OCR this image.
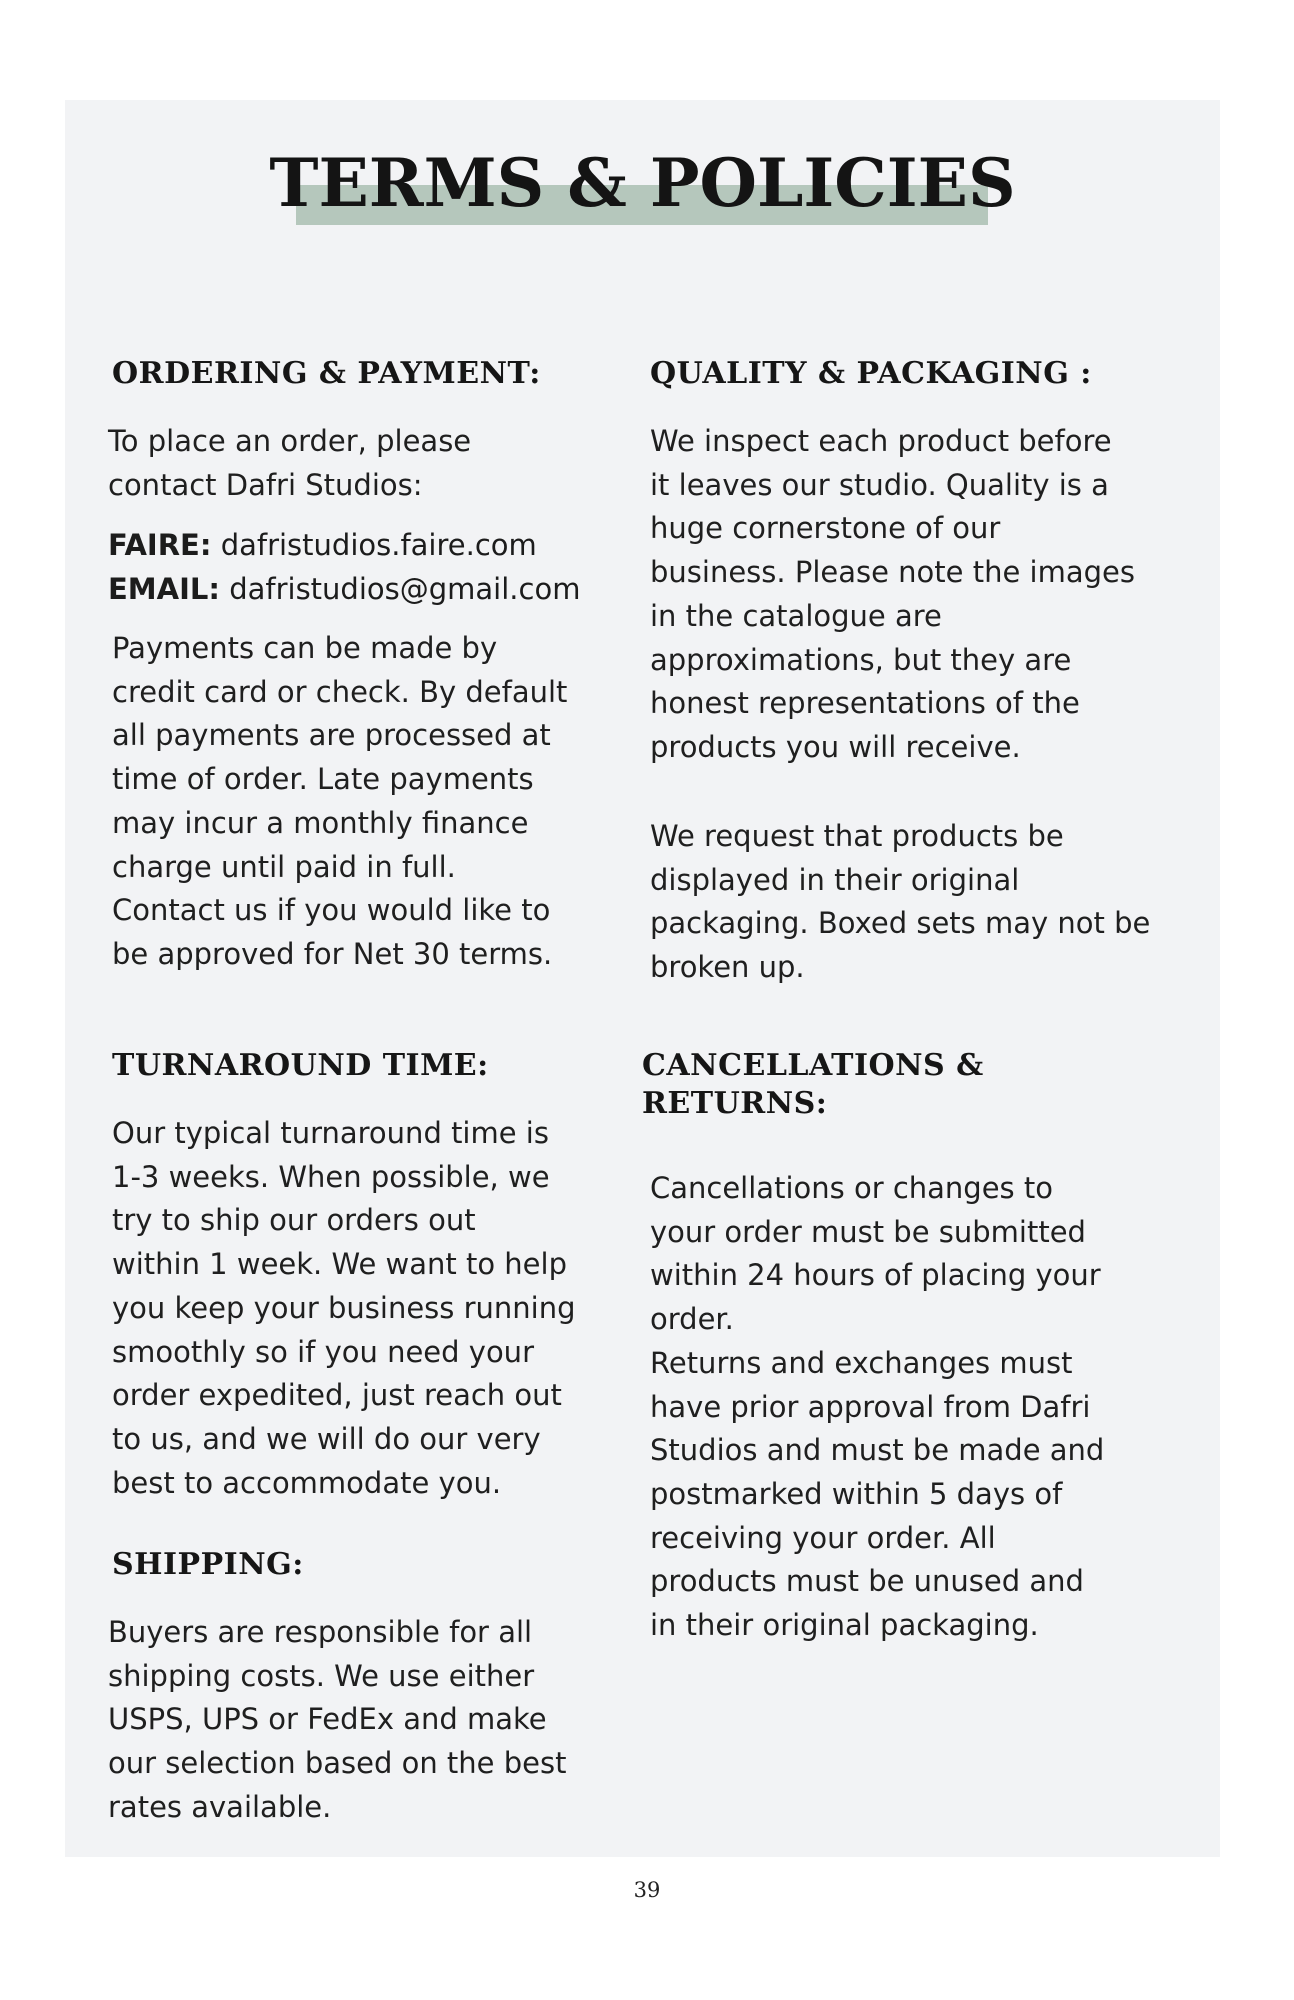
TERMS & POLICIES
ORDERING & PAYMENT:

To place an order, please
contact Dafri Studios:

FAIRE: dafristudios.faire.com

EMAIL: dafristudios@gmail.com

Payments can be made by
credit card or check. By default
all payments are processed at
time of order. Late payments
may incur a monthly finance
charge until paid in full.
Contact us if you would like to
be approved for Net 30 terms.

QUALITY & PACKAGING :

We inspect each product before
it leaves our studio. Quality is a
huge cornerstone of our
business. Please note the images
in the catalogue are
approximations, but they are
honest representations of the
products you will receive.

We request that products be
displayed in their original
packaging. Boxed sets may not be
broken up.

TURNAROUND TIME:

Our typical turnaround time is
1-3 weeks. When possible, we
try to ship our orders out
within 1 week. We want to help
you keep your business running
smoothly so if you need your
order expedited, just reach out
to us, and we will do our very
best to accommodate you.

CANCELLATIONS &
RETURNS:

Cancellations or changes to
your order must be submitted
within 24 hours of placing your
order.
Returns and exchanges must
have prior approval from Dafri
Studios and must be made and
postmarked within 5 days of
receiving your order. All
products must be unused and
in their original packaging.

SHIPPING:

Buyers are responsible for all
shipping costs. We use either
USPS, UPS or FedEx and make
our selection based on the best
rates available.

39
